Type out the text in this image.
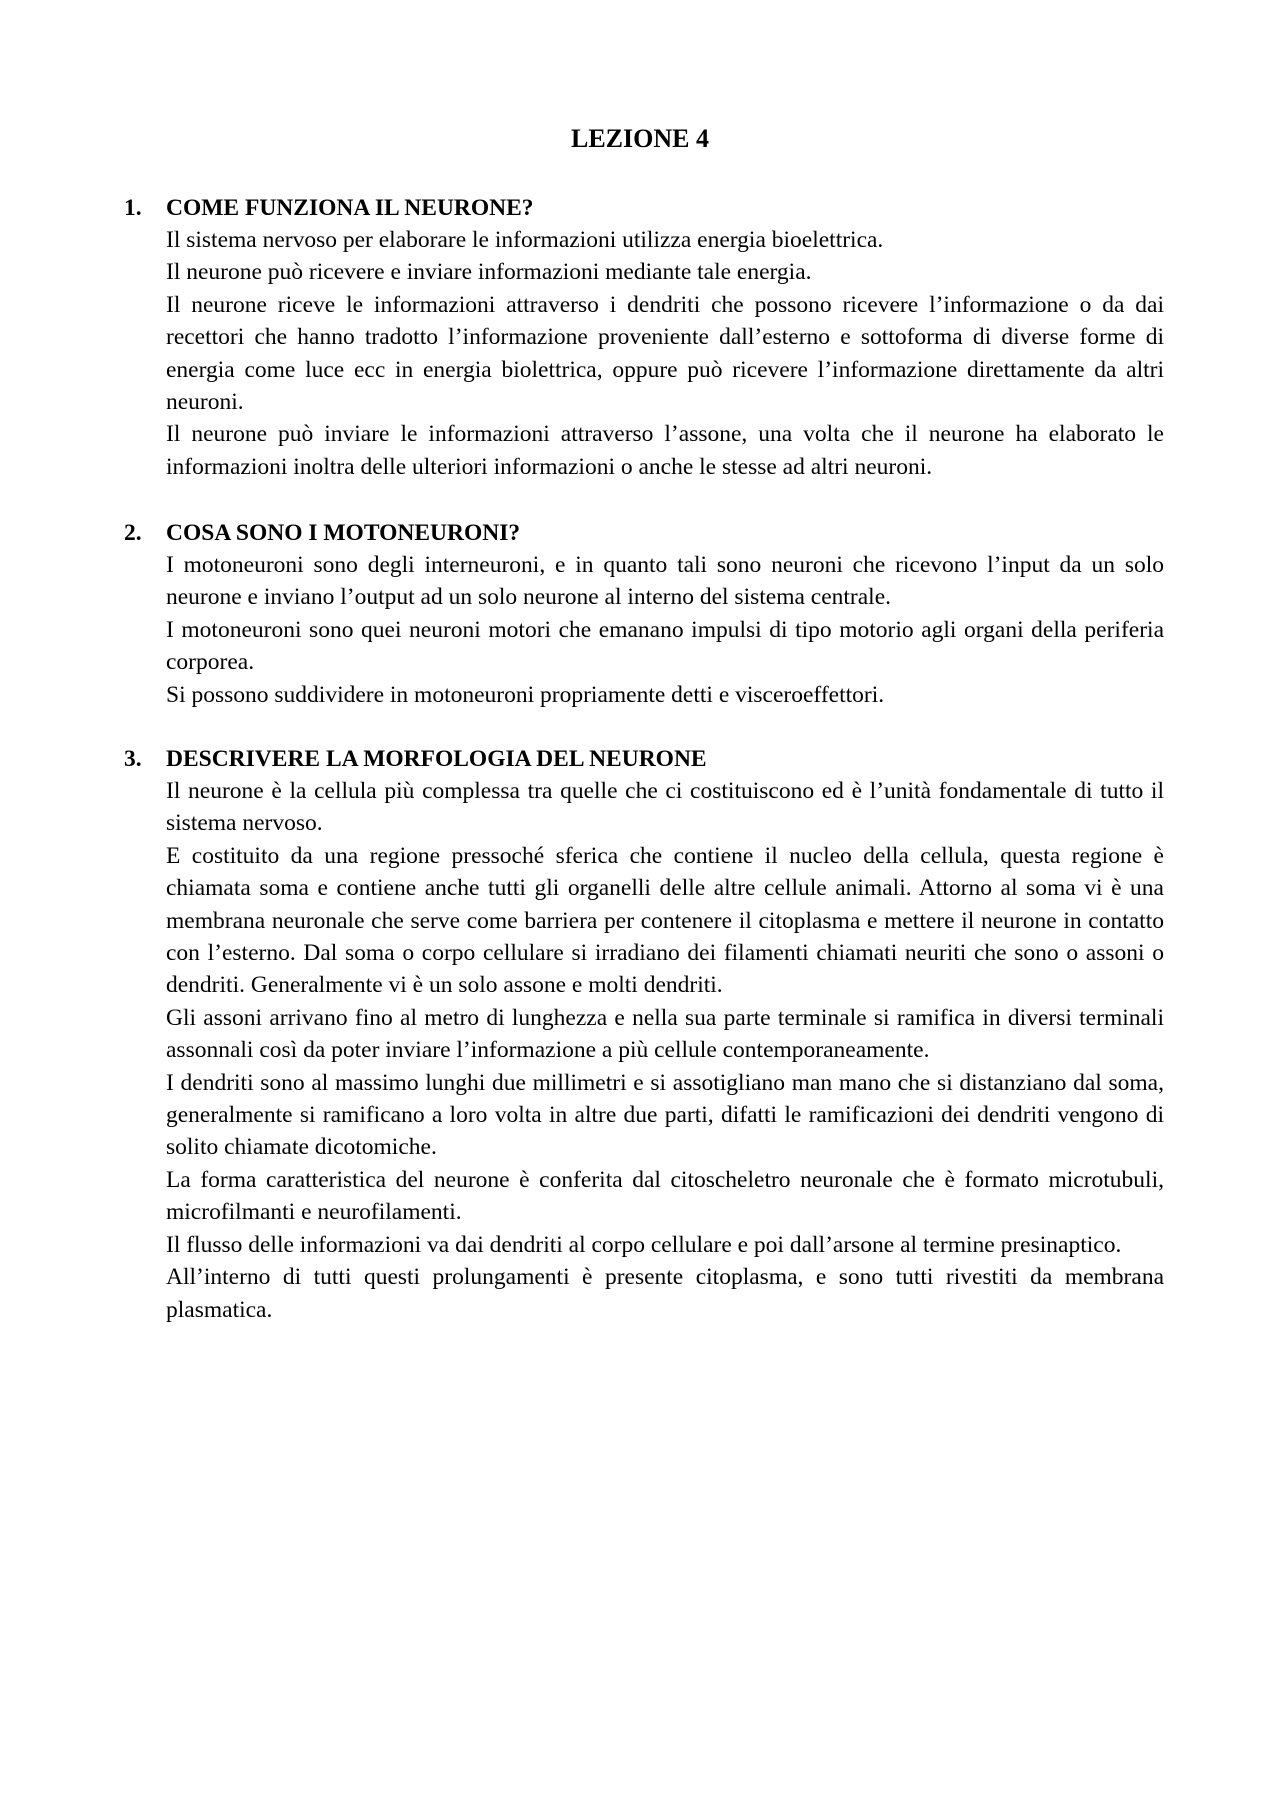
LEZIONE 4
1. COME FUNZIONA IL NEURONE?

Il sistema nervoso per elaborare le informazioni utilizza energia bioelettrica.

Il neurone può ricevere e inviare informazioni mediante tale energia.

Il neurone riceve le informazioni attraverso i dendriti che possono ricevere l’informazione o da dai recettori che hanno tradotto l’informazione proveniente dall’esterno e sottoforma di diverse forme di energia come luce ecc in energia biolettrica, oppure può ricevere l’informazione direttamente da altri neuroni.

Il neurone può inviare le informazioni attraverso l’assone, una volta che il neurone ha elaborato le informazioni inoltra delle ulteriori informazioni o anche le stesse ad altri neuroni.

2. COSA SONO I MOTONEURONI?

I motoneuroni sono degli interneuroni, e in quanto tali sono neuroni che ricevono l’input da un solo neurone e inviano l’output ad un solo neurone al interno del sistema centrale.

I motoneuroni sono quei neuroni motori che emanano impulsi di tipo motorio agli organi della periferia corporea.

Si possono suddividere in motoneuroni propriamente detti e visceroeffettori.

3. DESCRIVERE LA MORFOLOGIA DEL NEURONE

Il neurone è la cellula più complessa tra quelle che ci costituiscono ed è l’unità fondamentale di tutto il sistema nervoso.

E costituito da una regione pressoché sferica che contiene il nucleo della cellula, questa regione è chiamata soma e contiene anche tutti gli organelli delle altre cellule animali. Attorno al soma vi è una membrana neuronale che serve come barriera per contenere il citoplasma e mettere il neurone in contatto con l’esterno. Dal soma o corpo cellulare si irradiano dei filamenti chiamati neuriti che sono o assoni o dendriti. Generalmente vi è un solo assone e molti dendriti.

Gli assoni arrivano fino al metro di lunghezza e nella sua parte terminale si ramifica in diversi terminali assonnali così da poter inviare l’informazione a più cellule contemporaneamente.

I dendriti sono al massimo lunghi due millimetri e si assotigliano man mano che si distanziano dal soma, generalmente si ramificano a loro volta in altre due parti, difatti le ramificazioni dei dendriti vengono di solito chiamate dicotomiche.

La forma caratteristica del neurone è conferita dal citoscheletro neuronale che è formato microtubuli, microfilmanti e neurofilamenti.

Il flusso delle informazioni va dai dendriti al corpo cellulare e poi dall’arsone al termine presinaptico.

All’interno di tutti questi prolungamenti è presente citoplasma, e sono tutti rivestiti da membrana plasmatica.
